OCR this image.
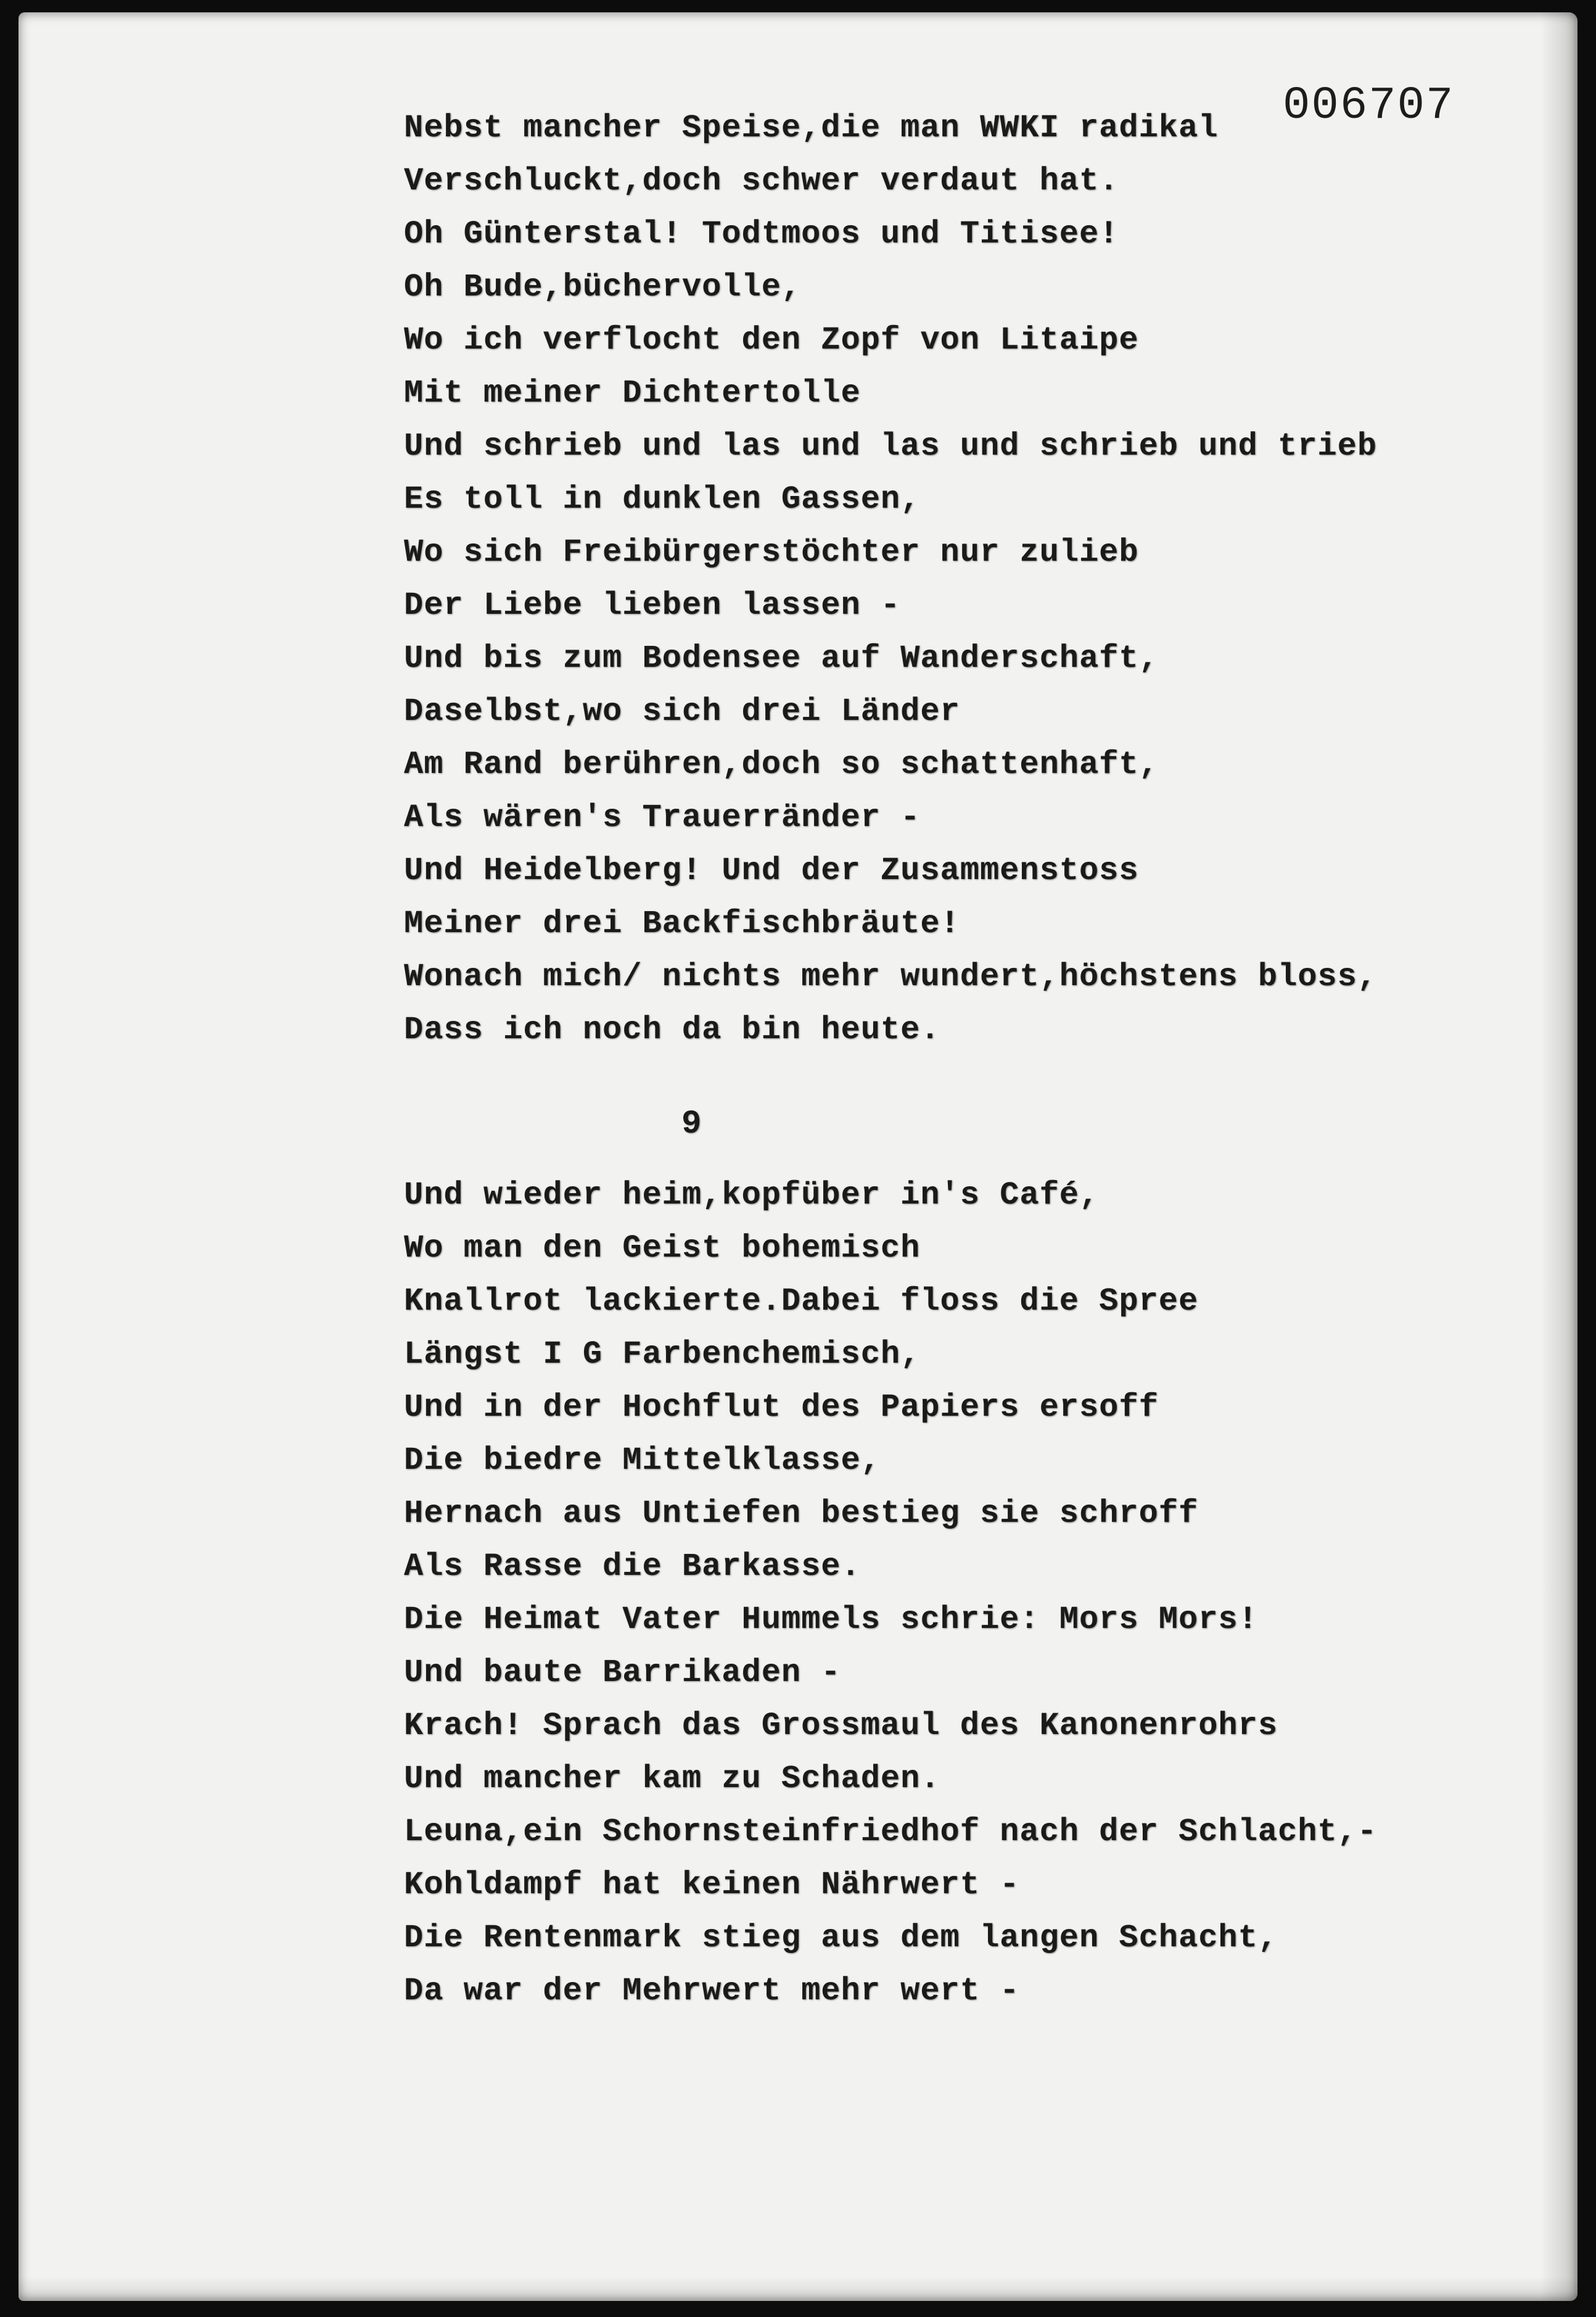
006707
Nebst mancher Speise,die man WWKI radikal
Verschluckt,doch schwer verdaut hat.
Oh Günterstal! Todtmoos und Titisee!
Oh Bude,büchervolle,
Wo ich verflocht den Zopf von Litaipe
Mit meiner Dichtertolle
Und schrieb und las und las und schrieb und trieb
Es toll in dunklen Gassen,
Wo sich Freibürgerstöchter nur zulieb
Der Liebe lieben lassen -
Und bis zum Bodensee auf Wanderschaft,
Daselbst,wo sich drei Länder
Am Rand berühren,doch so schattenhaft,
Als wären's Trauerränder -
Und Heidelberg! Und der Zusammenstoss
Meiner drei Backfischbräute!
Wonach mich/ nichts mehr wundert,höchstens bloss,
Dass ich noch da bin heute.
9
Und wieder heim,kopfüber in's Café,
Wo man den Geist bohemisch
Knallrot lackierte.Dabei floss die Spree
Längst I G Farbenchemisch,
Und in der Hochflut des Papiers ersoff
Die biedre Mittelklasse,
Hernach aus Untiefen bestieg sie schroff
Als Rasse die Barkasse.
Die Heimat Vater Hummels schrie: Mors Mors!
Und baute Barrikaden -
Krach! Sprach das Grossmaul des Kanonenrohrs
Und mancher kam zu Schaden.
Leuna,ein Schornsteinfriedhof nach der Schlacht,-
Kohldampf hat keinen Nährwert -
Die Rentenmark stieg aus dem langen Schacht,
Da war der Mehrwert mehr wert -
